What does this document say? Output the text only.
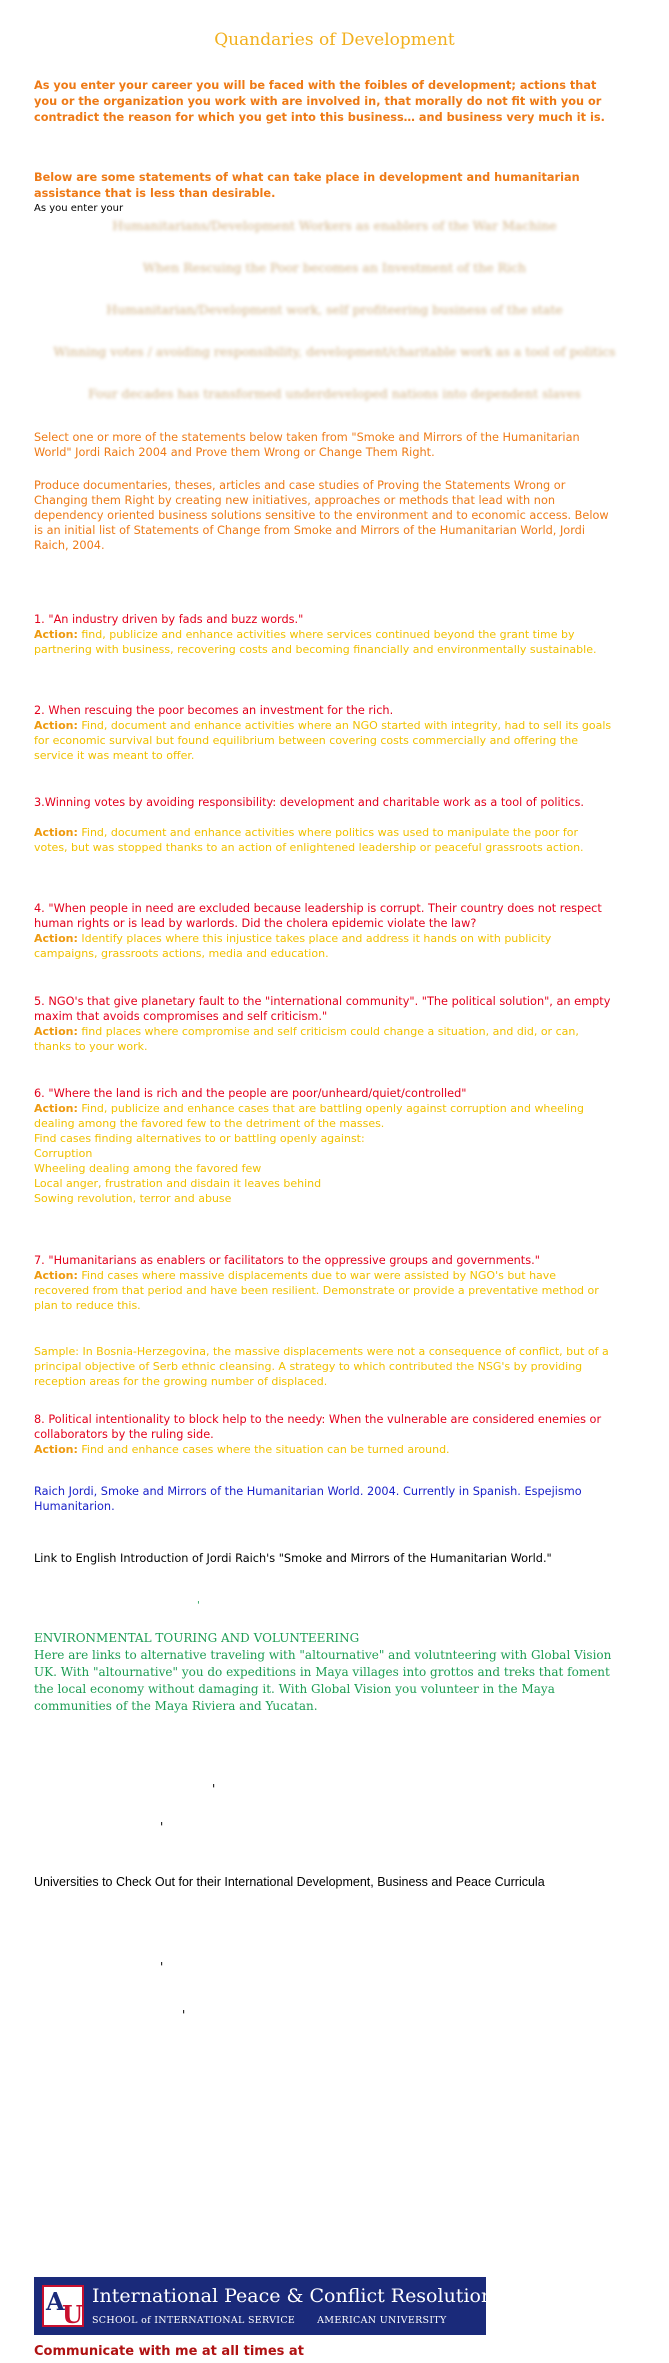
Quandaries of Development
As you enter your career you will be faced with the foibles of development; actions that you or the organization you work with are involved in, that morally do not fit with you or contradict the reason for which you get into this business… and business very much it is.
Below are some statements of what can take place in development and humanitarian assistance that is less than desirable.
As you enter your
Humanitarians/Development Workers as enablers of the War Machine
When Rescuing the Poor becomes an Investment of the Rich
Humanitarian/Development work, self profiteering business of the state
Winning votes / avoiding responsibility, development/charitable work as a tool of politics
Four decades has transformed underdeveloped nations into dependent slaves
Select one or more of the statements below taken from "Smoke and Mirrors of the Humanitarian World" Jordi Raich 2004 and Prove them Wrong or Change Them Right.
Produce documentaries, theses, articles and case studies of Proving the Statements Wrong or Changing them Right by creating new initiatives, approaches or methods that lead with non dependency oriented business solutions sensitive to the environment and to economic access. Below is an initial list of Statements of Change from Smoke and Mirrors of the Humanitarian World, Jordi Raich, 2004.
1. "An industry driven by fads and buzz words."
Action: find, publicize and enhance activities where services continued beyond the grant time by partnering with business, recovering costs and becoming financially and environmentally sustainable.
2. When rescuing the poor becomes an investment for the rich.
Action: Find, document and enhance activities where an NGO started with integrity, had to sell its goals for economic survival but found equilibrium between covering costs commercially and offering the service it was meant to offer.
3.Winning votes by avoiding responsibility: development and charitable work as a tool of politics.
Action: Find, document and enhance activities where politics was used to manipulate the poor for votes, but was stopped thanks to an action of enlightened leadership or peaceful grassroots action.
4. "When people in need are excluded because leadership is corrupt. Their country does not respect human rights or is lead by warlords. Did the cholera epidemic violate the law?
Action: Identify places where this injustice takes place and address it hands on with publicity campaigns, grassroots actions, media and education.
5. NGO's that give planetary fault to the "international community". "The political solution", an empty maxim that avoids compromises and self criticism."
Action: find places where compromise and self criticism could change a situation, and did, or can, thanks to your work.
6. "Where the land is rich and the people are poor/unheard/quiet/controlled"
Action: Find, publicize and enhance cases that are battling openly against corruption and wheeling dealing among the favored few to the detriment of the masses.
Find cases finding alternatives to or battling openly against:
Corruption
Wheeling dealing among the favored few
Local anger, frustration and disdain it leaves behind
Sowing revolution, terror and abuse
7. "Humanitarians as enablers or facilitators to the oppressive groups and governments."
Action: Find cases where massive displacements due to war were assisted by NGO's but have recovered from that period and have been resilient. Demonstrate or provide a preventative method or plan to reduce this.
Sample: In Bosnia-Herzegovina, the massive displacements were not a consequence of conflict, but of a principal objective of Serb ethnic cleansing. A strategy to which contributed the NSG's by providing reception areas for the growing number of displaced.
8. Political intentionality to block help to the needy: When the vulnerable are considered enemies or collaborators by the ruling side.
Action: Find and enhance cases where the situation can be turned around.
Raich Jordi, Smoke and Mirrors of the Humanitarian World. 2004. Currently in Spanish. Espejismo Humanitarion.
Link to English Introduction of Jordi Raich's "Smoke and Mirrors of the Humanitarian World."
'
ENVIRONMENTAL TOURING AND VOLUNTEERING
Here are links to alternative traveling with "altournative" and volutnteering with Global Vision UK. With "altournative" you do expeditions in Maya villages into grottos and treks that foment the local economy without damaging it. With Global Vision you volunteer in the Maya communities of the Maya Riviera and Yucatan.
'
'
Universities to Check Out for their International Development, Business and Peace Curricula
'
'
A
U
International Peace & Conflict Resolution
SCHOOL of INTERNATIONAL SERVICE AMERICAN UNIVERSITY
Communicate with me at all times at
